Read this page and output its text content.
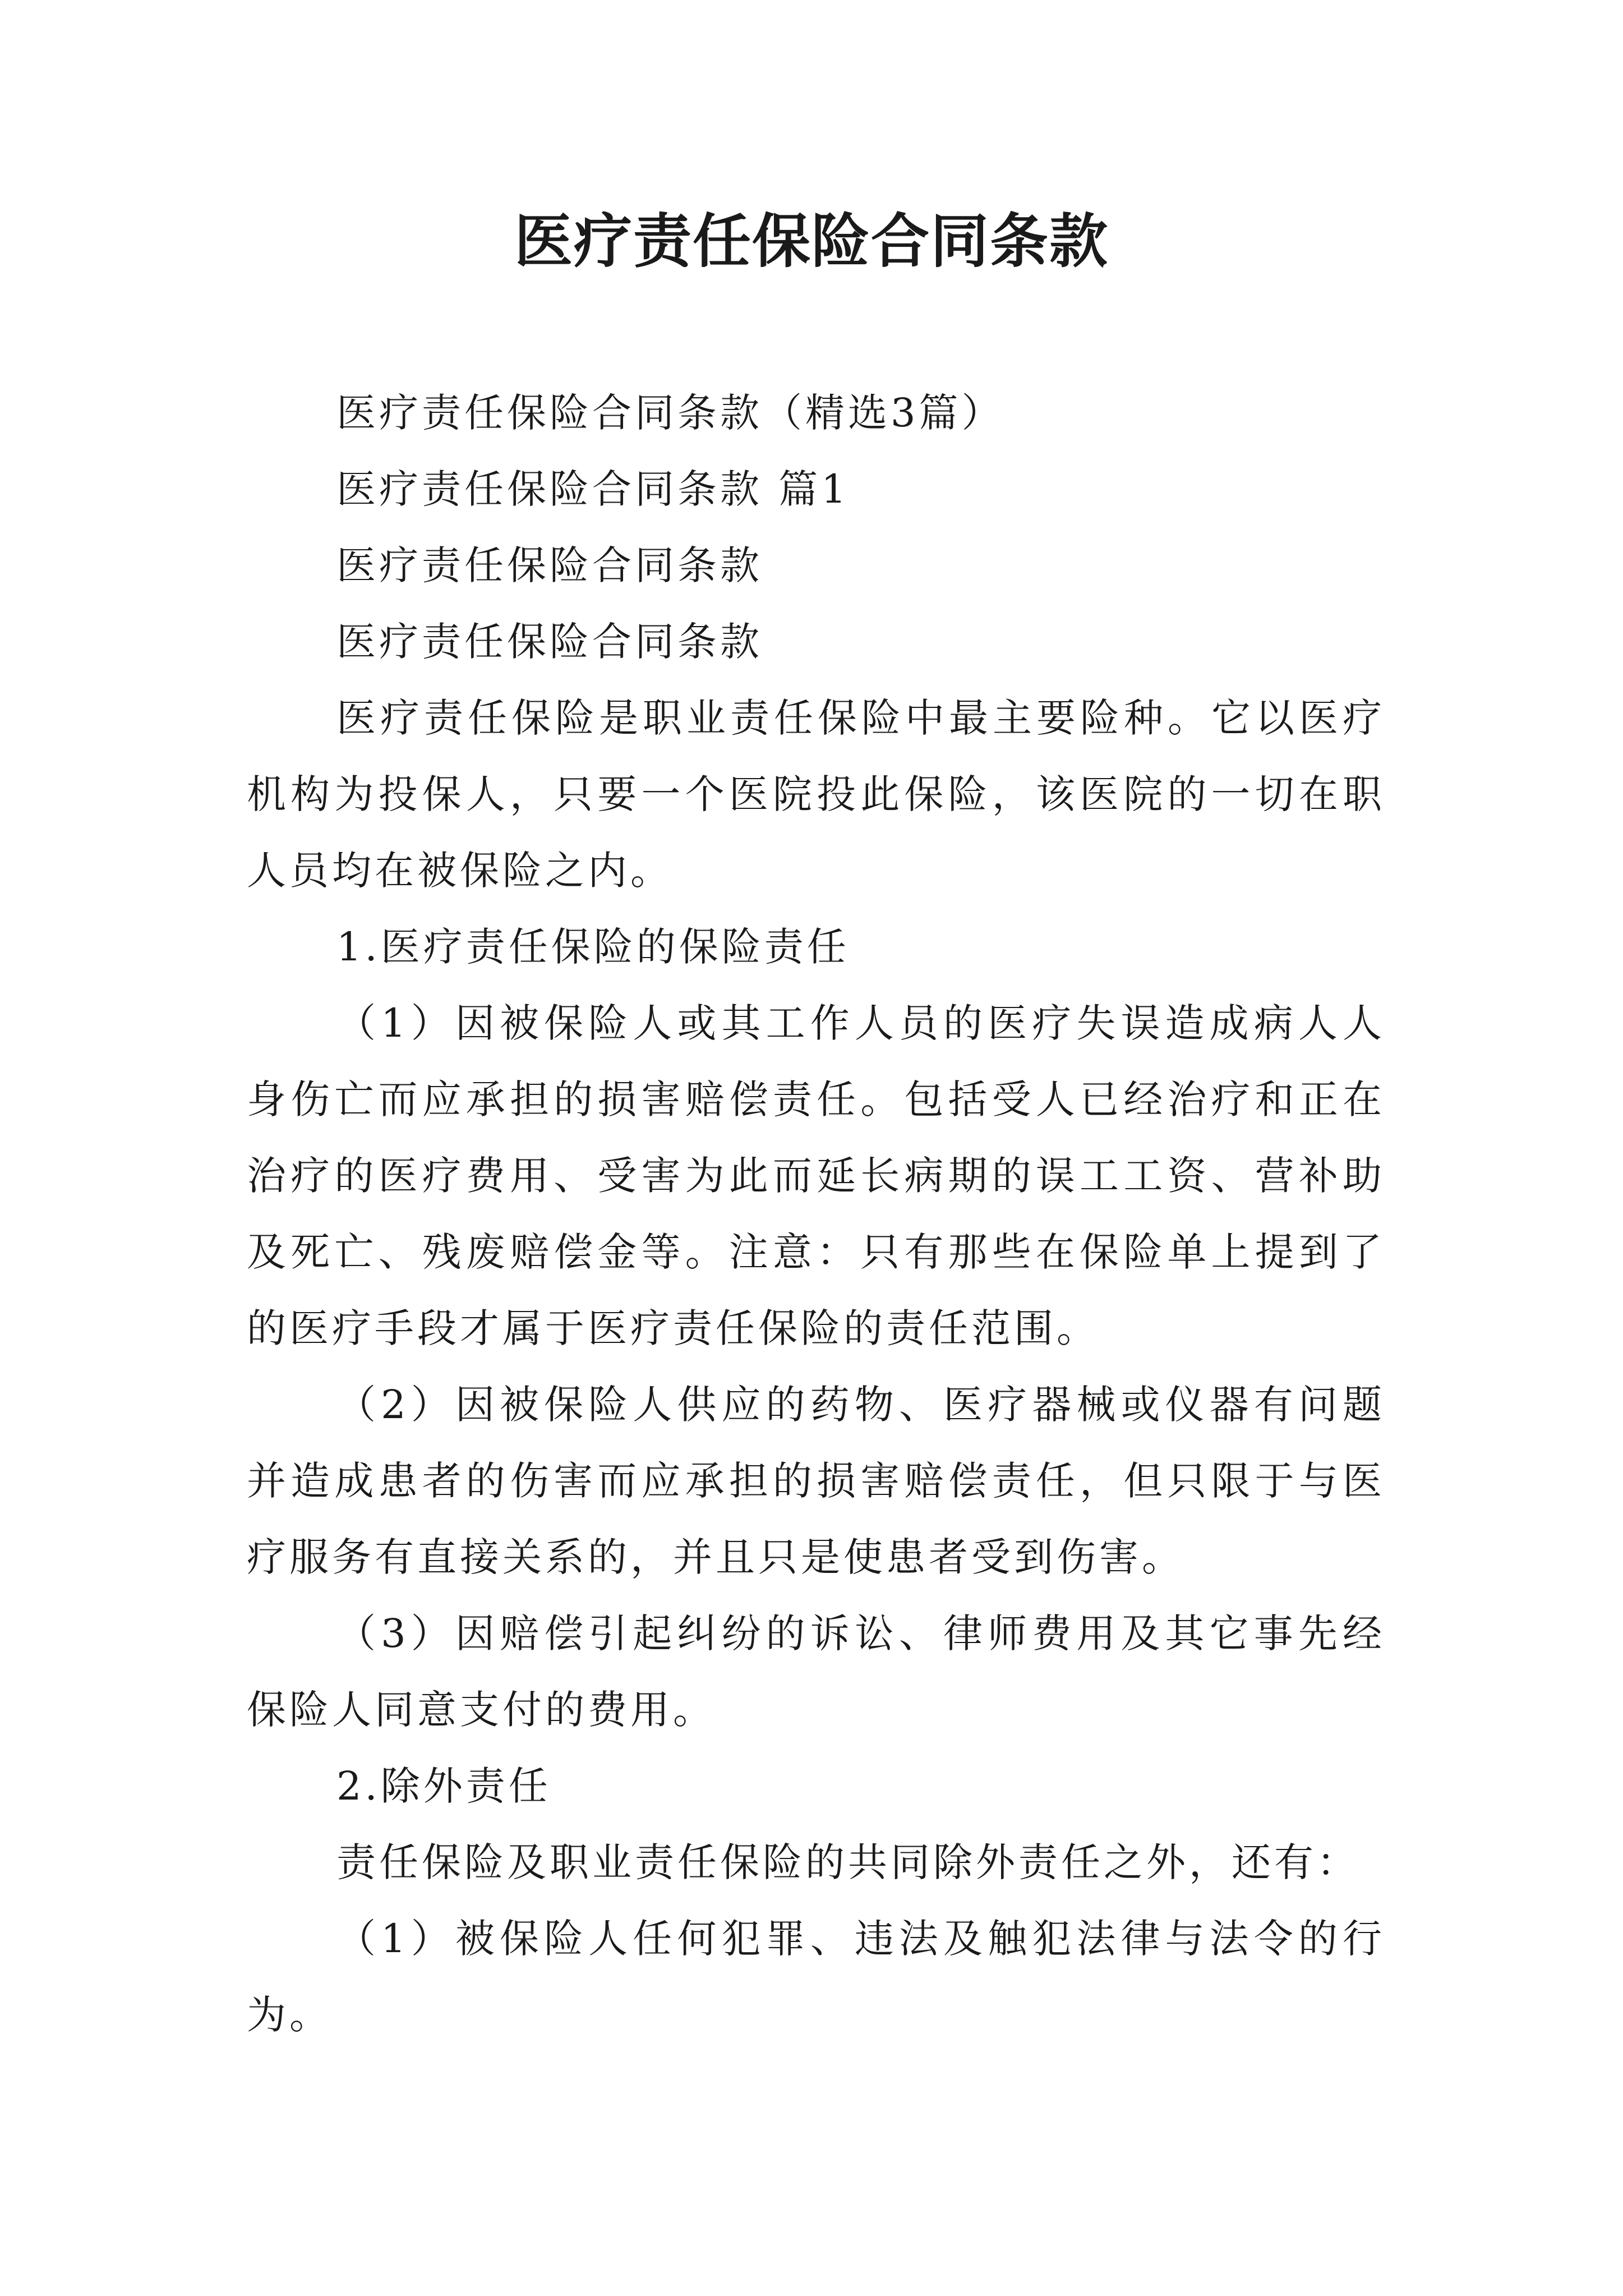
医疗责任保险合同条款

医疗责任保险合同条款（精选3篇）

医疗责任保险合同条款 篇1

医疗责任保险合同条款

医疗责任保险合同条款

医疗责任保险是职业责任保险中最主要险种。它以医疗机构为投保人，只要一个医院投此保险，该医院的一切在职人员均在被保险之内。

1.医疗责任保险的保险责任

（1）因被保险人或其工作人员的医疗失误造成病人人身伤亡而应承担的损害赔偿责任。包括受人已经治疗和正在治疗的医疗费用、受害为此而延长病期的误工工资、营补助及死亡、残废赔偿金等。注意：只有那些在保险单上提到了的医疗手段才属于医疗责任保险的责任范围。

（2）因被保险人供应的药物、医疗器械或仪器有问题并造成患者的伤害而应承担的损害赔偿责任，但只限于与医疗服务有直接关系的，并且只是使患者受到伤害。

（3）因赔偿引起纠纷的诉讼、律师费用及其它事先经保险人同意支付的费用。

2.除外责任

责任保险及职业责任保险的共同除外责任之外，还有：

（1）被保险人任何犯罪、违法及触犯法律与法令的行为。
